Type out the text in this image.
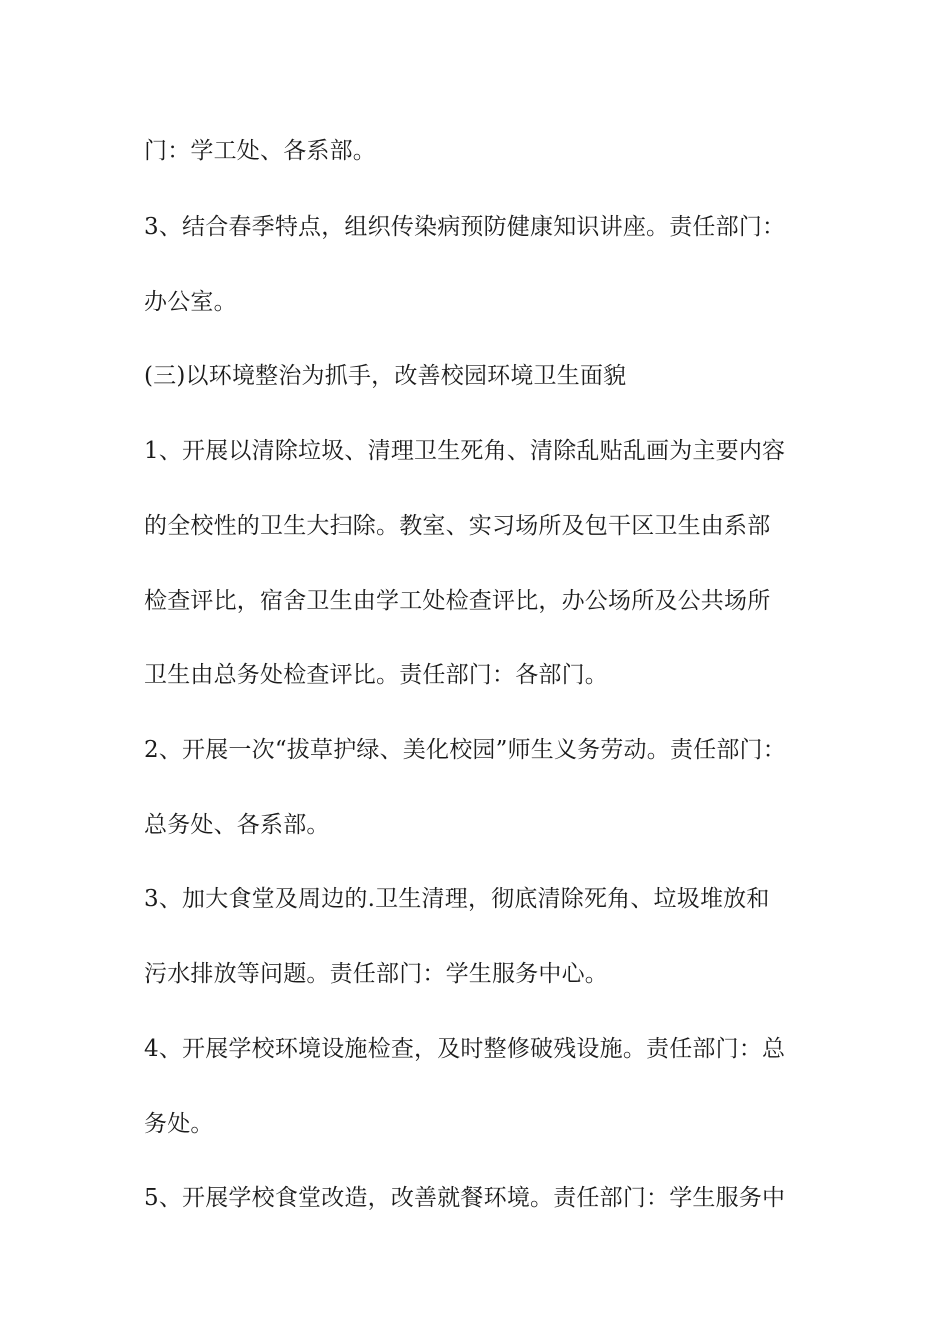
门：学工处、各系部。
3、结合春季特点，组织传染病预防健康知识讲座。责任部门：
办公室。
(三)以环境整治为抓手，改善校园环境卫生面貌
1、开展以清除垃圾、清理卫生死角、清除乱贴乱画为主要内容
的全校性的卫生大扫除。教室、实习场所及包干区卫生由系部
检查评比，宿舍卫生由学工处检查评比，办公场所及公共场所
卫生由总务处检查评比。责任部门：各部门。
2、开展一次“拔草护绿、美化校园”师生义务劳动。责任部门：
总务处、各系部。
3、加大食堂及周边的.卫生清理，彻底清除死角、垃圾堆放和
污水排放等问题。责任部门：学生服务中心。
4、开展学校环境设施检查，及时整修破残设施。责任部门：总
务处。
5、开展学校食堂改造，改善就餐环境。责任部门：学生服务中
